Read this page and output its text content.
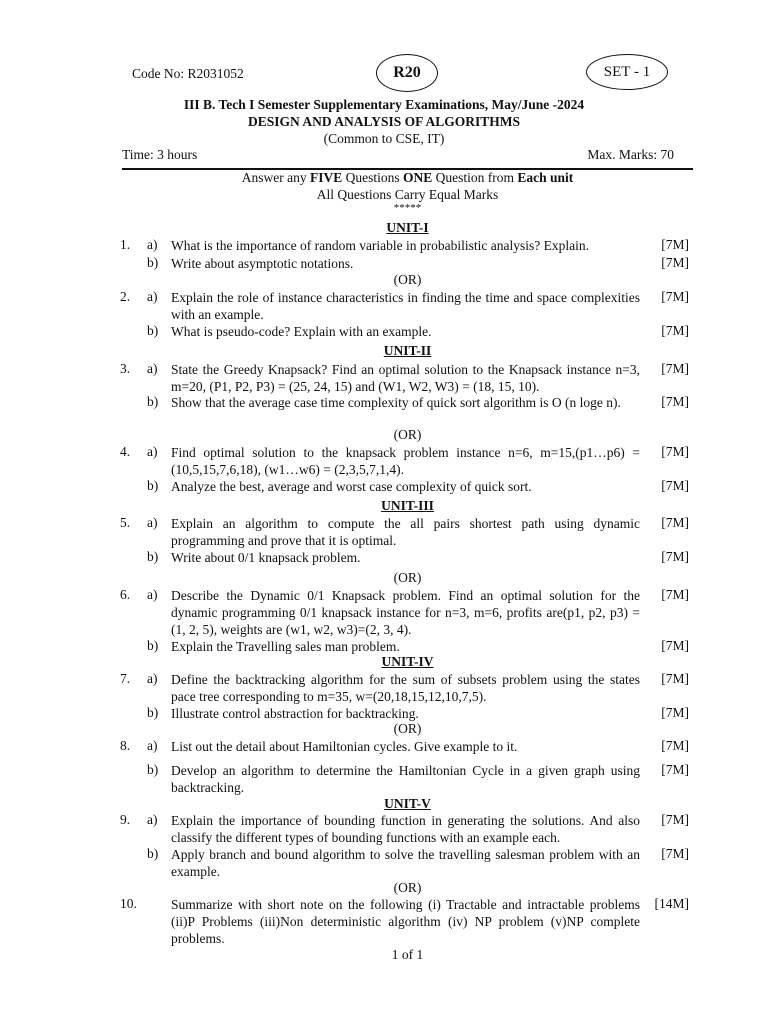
Code No: R2031052	R20	SET - 1
III B. Tech I Semester Supplementary Examinations, May/June -2024
DESIGN AND ANALYSIS OF ALGORITHMS
(Common to CSE, IT)
Time: 3 hours	Max. Marks: 70
Answer any FIVE Questions ONE Question from Each unit
All Questions Carry Equal Marks
*****
UNIT-I
1. a) What is the importance of random variable in probabilistic analysis? Explain.	[7M]
b) Write about asymptotic notations.	[7M]
(OR)
2. a) Explain the role of instance characteristics in finding the time and space complexities with an example.
[7M]
b) What is pseudo-code? Explain with an example.	[7M]
UNIT-II
3. a) State the Greedy Knapsack? Find an optimal solution to the Knapsack instance n=3, m=20, (P1, P2, P3) = (25, 24, 15) and (W1, W2, W3) = (18, 15, 10).
[7M]
b) Show that the average case time complexity of quick sort algorithm is O (n loge n).	[7M]
(OR)
4. a) Find optimal solution to the knapsack problem instance n=6, m=15,(p1…p6) = (10,5,15,7,6,18), (w1…w6) = (2,3,5,7,1,4).
[7M]
b) Analyze the best, average and worst case complexity of quick sort.	[7M]
UNIT-III
5. a) Explain an algorithm to compute the all pairs shortest path using dynamic programming and prove that it is optimal.
[7M]
b) Write about 0/1 knapsack problem.	[7M]
(OR)
6. a) Describe the Dynamic 0/1 Knapsack problem. Find an optimal solution for the dynamic programming 0/1 knapsack instance for n=3, m=6, profits are(p1, p2, p3) = (1, 2, 5), weights are (w1, w2, w3)=(2, 3, 4).
[7M]
b) Explain the Travelling sales man problem.	[7M]
UNIT-IV
7. a) Define the backtracking algorithm for the sum of subsets problem using the states pace tree corresponding to m=35, w=(20,18,15,12,10,7,5).
[7M]
b) Illustrate control abstraction for backtracking.	[7M]
(OR)
8. a) List out the detail about Hamiltonian cycles. Give example to it.	[7M]
b) Develop an algorithm to determine the Hamiltonian Cycle in a given graph using backtracking.
[7M]
UNIT-V
9. a) Explain the importance of bounding function in generating the solutions. And also classify the different types of bounding functions with an example each.
[7M]
b) Apply branch and bound algorithm to solve the travelling salesman problem with an example.
[7M]
(OR)
10.	Summarize with short note on the following (i) Tractable and intractable problems (ii)P Problems (iii)Non deterministic algorithm (iv) NP problem (v)NP complete problems.
[14M]
1 of 1
